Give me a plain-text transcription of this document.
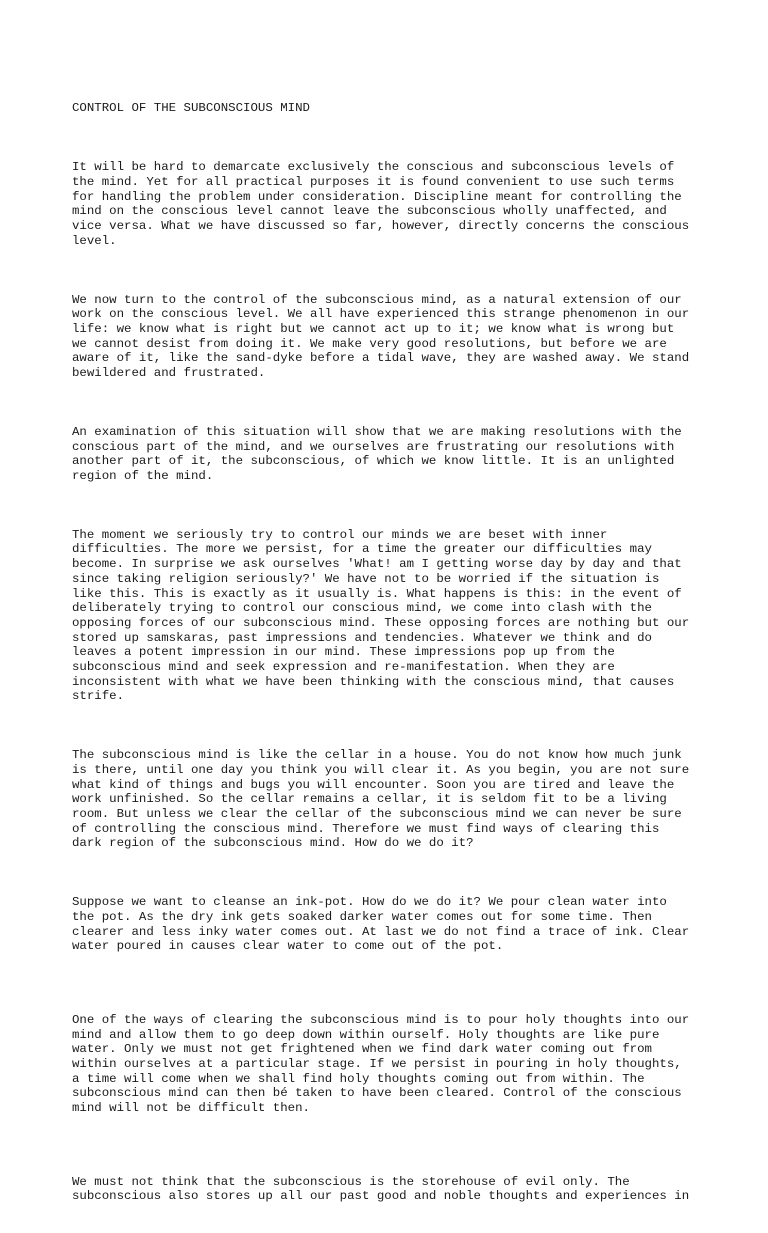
CONTROL OF THE SUBCONSCIOUS MIND

It will be hard to demarcate exclusively the conscious and subconscious levels of
the mind. Yet for all practical purposes it is found convenient to use such terms
for handling the problem under consideration. Discipline meant for controlling the
mind on the conscious level cannot leave the subconscious wholly unaffected, and
vice versa. What we have discussed so far, however, directly concerns the conscious
level.

We now turn to the control of the subconscious mind, as a natural extension of our
work on the conscious level. We all have experienced this strange phenomenon in our
life: we know what is right but we cannot act up to it; we know what is wrong but
we cannot desist from doing it. We make very good resolutions, but before we are
aware of it, like the sand-dyke before a tidal wave, they are washed away. We stand
bewildered and frustrated.

An examination of this situation will show that we are making resolutions with the
conscious part of the mind, and we ourselves are frustrating our resolutions with
another part of it, the subconscious, of which we know little. It is an unlighted
region of the mind.

The moment we seriously try to control our minds we are beset with inner
difficulties. The more we persist, for a time the greater our difficulties may
become. In surprise we ask ourselves 'What! am I getting worse day by day and that
since taking religion seriously?' We have not to be worried if the situation is
like this. This is exactly as it usually is. What happens is this: in the event of
deliberately trying to control our conscious mind, we come into clash with the
opposing forces of our subconscious mind. These opposing forces are nothing but our
stored up samskaras, past impressions and tendencies. Whatever we think and do
leaves a potent impression in our mind. These impressions pop up from the
subconscious mind and seek expression and re-manifestation. When they are
inconsistent with what we have been thinking with the conscious mind, that causes
strife.

The subconscious mind is like the cellar in a house. You do not know how much junk
is there, until one day you think you will clear it. As you begin, you are not sure
what kind of things and bugs you will encounter. Soon you are tired and leave the
work unfinished. So the cellar remains a cellar, it is seldom fit to be a living
room. But unless we clear the cellar of the subconscious mind we can never be sure
of controlling the conscious mind. Therefore we must find ways of clearing this
dark region of the subconscious mind. How do we do it?

Suppose we want to cleanse an ink-pot. How do we do it? We pour clean water into
the pot. As the dry ink gets soaked darker water comes out for some time. Then
clearer and less inky water comes out. At last we do not find a trace of ink. Clear
water poured in causes clear water to come out of the pot.

One of the ways of clearing the subconscious mind is to pour holy thoughts into our
mind and allow them to go deep down within ourself. Holy thoughts are like pure
water. Only we must not get frightened when we find dark water coming out from
within ourselves at a particular stage. If we persist in pouring in holy thoughts,
a time will come when we shall find holy thoughts coming out from within. The
subconscious mind can then bé taken to have been cleared. Control of the conscious
mind will not be difficult then.

We must not think that the subconscious is the storehouse of evil only. The
subconscious also stores up all our past good and noble thoughts and experiences in
